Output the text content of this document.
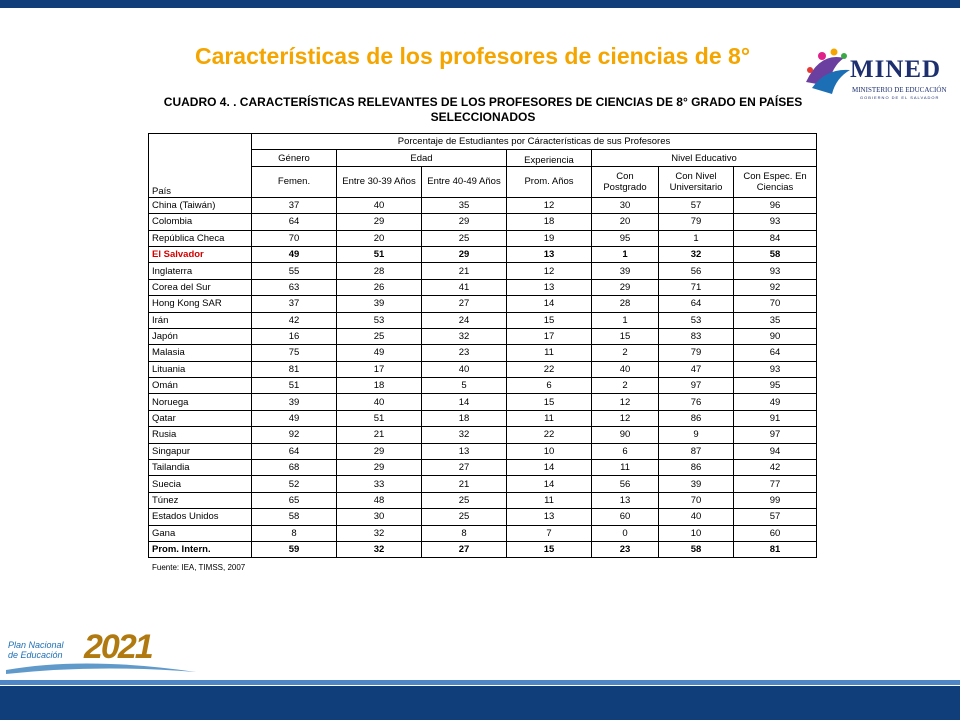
Características de los profesores de ciencias de 8°	MINED
MINISTERIO DE EDUCACIÓN
GOBIERNO DE EL SALVADOR

CUADRO 4. . CARACTERÍSTICAS RELEVANTES DE LOS PROFESORES DE CIENCIAS DE 8° GRADO EN PAÍSES SELECCIONADOS

País	Porcentaje de Estudiantes por Cáracterísticas de sus Profesores						
	Género	Edad		Experiencia	Nivel Educativo		
	Femen.	Entre 30-39 Años	Entre 40-49 Años	Prom. Años	Con Postgrado	Con Nivel Universitario	Con Espec. En Ciencias
China (Taiwán)	37	40	35	12	30	57	96
Colombia	64	29	29	18	20	79	93
República Checa	70	20	25	19	95	1	84
El Salvador	49	51	29	13	1	32	58
Inglaterra	55	28	21	12	39	56	93
Corea del Sur	63	26	41	13	29	71	92
Hong Kong SAR	37	39	27	14	28	64	70
Irán	42	53	24	15	1	53	35
Japón	16	25	32	17	15	83	90
Malasia	75	49	23	11	2	79	64
Lituania	81	17	40	22	40	47	93
Omán	51	18	5	6	2	97	95
Noruega	39	40	14	15	12	76	49
Qatar	49	51	18	11	12	86	91
Rusia	92	21	32	22	90	9	97
Singapur	64	29	13	10	6	87	94
Tailandia	68	29	27	14	11	86	42
Suecia	52	33	21	14	56	39	77
Túnez	65	48	25	11	13	70	99
Estados Unidos	58	30	25	13	60	40	57
Gana	8	32	8	7	0	10	60
Prom. Intern.	59	32	27	15	23	58	81
Fuente: IEA, TIMSS, 2007
Plan Nacional
de Educación 2021
